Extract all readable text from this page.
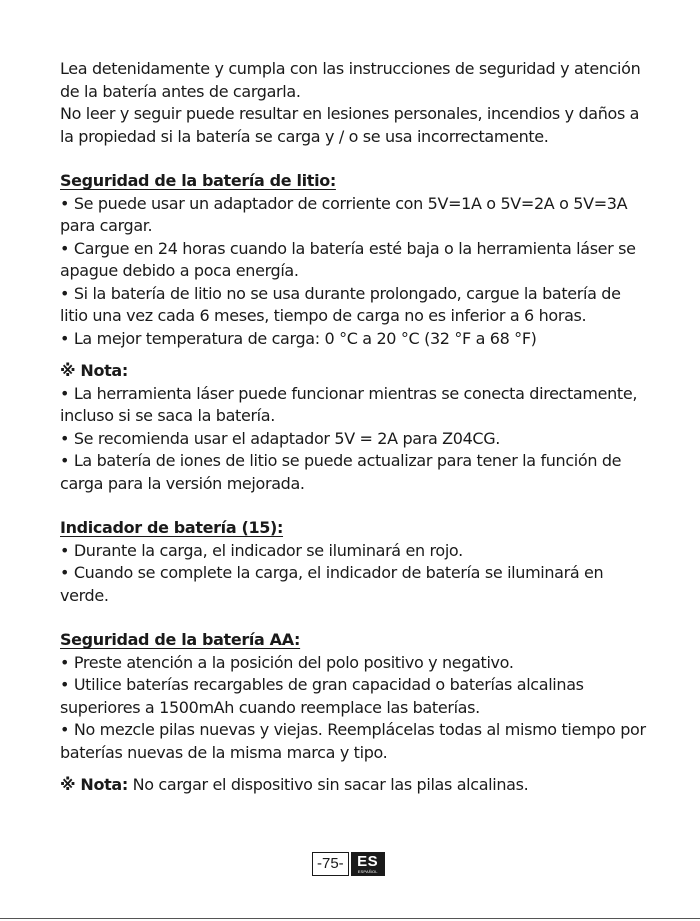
Lea detenidamente y cumpla con las instrucciones de seguridad y atención de la batería antes de cargarla.

No leer y seguir puede resultar en lesiones personales, incendios y daños a la propiedad si la batería se carga y / o se usa incorrectamente.

Seguridad de la batería de litio:

• Se puede usar un adaptador de corriente con 5V=1A o 5V=2A o 5V=3A para cargar.

• Cargue en 24 horas cuando la batería esté baja o la herramienta láser se apague debido a poca energía.

• Si la batería de litio no se usa durante prolongado, cargue la batería de litio una vez cada 6 meses, tiempo de carga no es inferior a 6 horas.

• La mejor temperatura de carga: 0 °C a 20 °C (32 °F a 68 °F)

※ Nota:

• La herramienta láser puede funcionar mientras se conecta directamente, incluso si se saca la batería.

• Se recomienda usar el adaptador 5V = 2A para Z04CG.

• La batería de iones de litio se puede actualizar para tener la función de carga para la versión mejorada.

Indicador de batería (15):

• Durante la carga, el indicador se iluminará en rojo.

• Cuando se complete la carga, el indicador de batería se iluminará en verde.

Seguridad de la batería AA:

• Preste atención a la posición del polo positivo y negativo.

• Utilice baterías recargables de gran capacidad o baterías alcalinas superiores a 1500mAh cuando reemplace las baterías.

• No mezcle pilas nuevas y viejas. Reemplácelas todas al mismo tiempo por baterías nuevas de la misma marca y tipo.

※ Nota: No cargar el dispositivo sin sacar las pilas alcalinas.

-75- ES
ESPAÑOL
